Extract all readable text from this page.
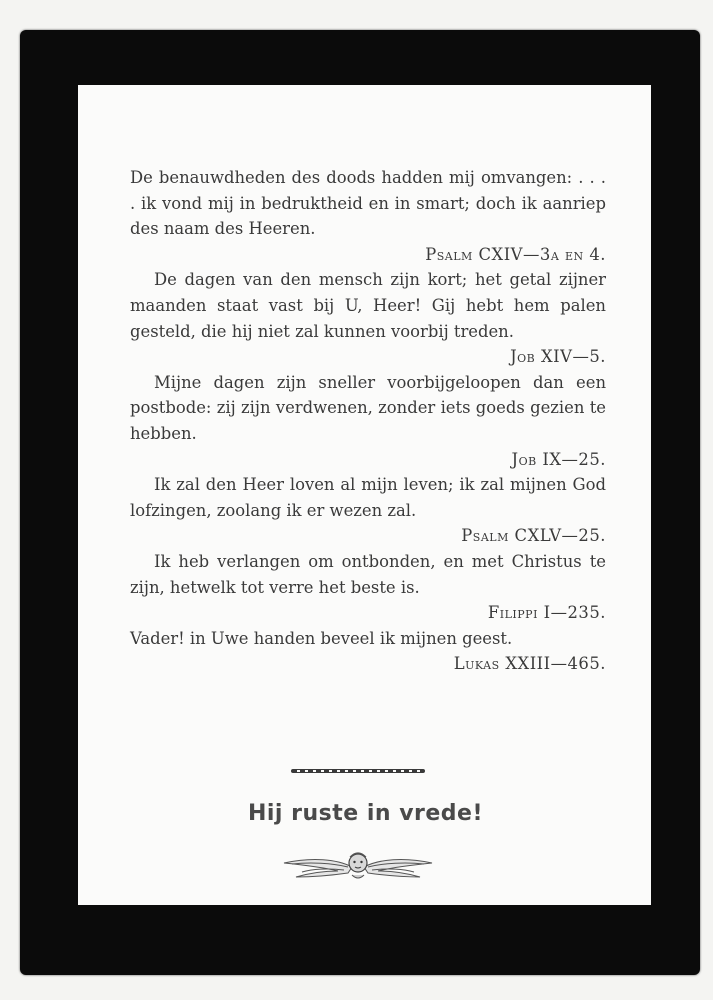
De benauwdheden des doods hadden mij omvangen: . . . . ik vond mij in bedruktheid en in smart; doch ik aanriep des naam des Heeren.

Psalm CXIV—3a en 4.

De dagen van den mensch zijn kort; het getal zijner maanden staat vast bij U, Heer! Gij hebt hem palen gesteld, die hij niet zal kunnen voorbij treden.

Job XIV—5.

Mijne dagen zijn sneller voorbijgeloopen dan een postbode: zij zijn verdwenen, zonder iets goeds gezien te hebben.

Job IX—25.

Ik zal den Heer loven al mijn leven; ik zal mijnen God lofzingen, zoolang ik er wezen zal.

Psalm CXLV—25.

Ik heb verlangen om ontbonden, en met Christus te zijn, hetwelk tot verre het beste is.

Filippi I—235.

Vader! in Uwe handen beveel ik mijnen geest.

Lukas XXIII—465.

Hij ruste in vrede!
